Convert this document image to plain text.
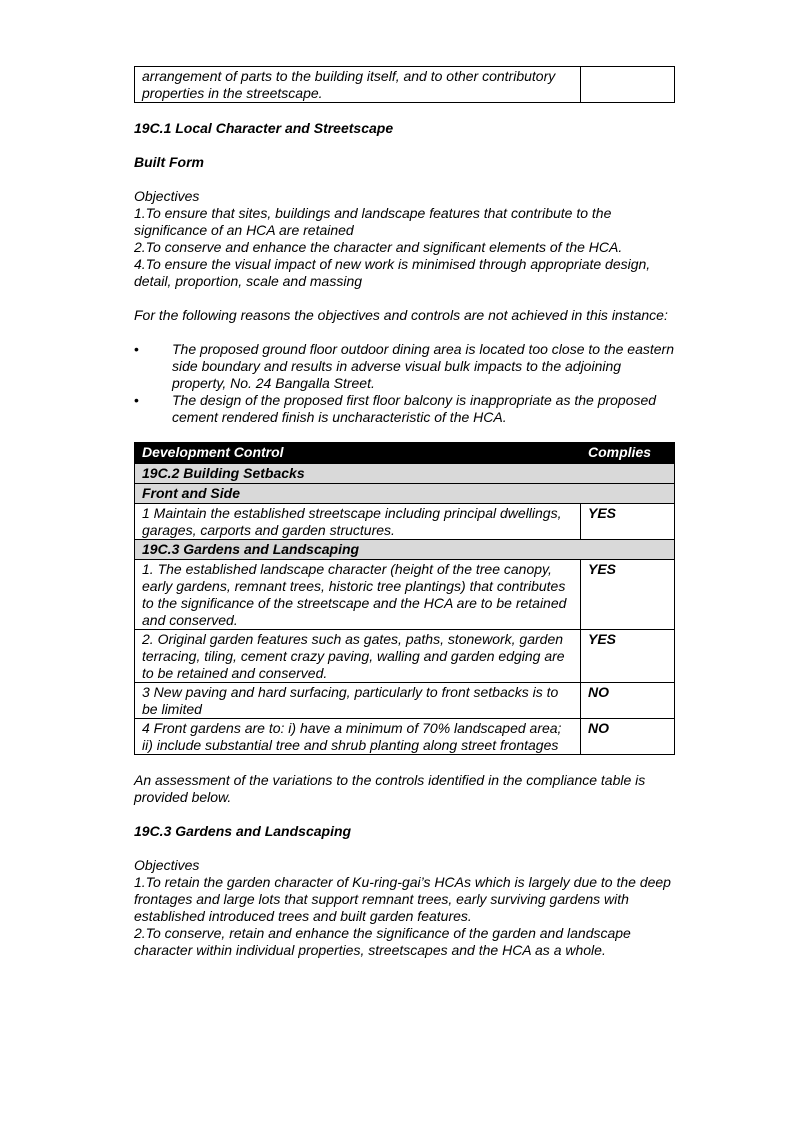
arrangement of parts to the building itself, and to other contributory properties in the streetscape.	

19C.1 Local Character and Streetscape

Built Form

Objectives

1.To ensure that sites, buildings and landscape features that contribute to the significance of an HCA are retained

2.To conserve and enhance the character and significant elements of the HCA.

4.To ensure the visual impact of new work is minimised through appropriate design, detail, proportion, scale and massing

For the following reasons the objectives and controls are not achieved in this instance:

• The proposed ground floor outdoor dining area is located too close to the eastern side boundary and results in adverse visual bulk impacts to the adjoining property, No. 24 Bangalla Street.
• The design of the proposed first floor balcony is inappropriate as the proposed cement rendered finish is uncharacteristic of the HCA.
Development Control	Complies
19C.2 Building Setbacks	
Front and Side	
1 Maintain the established streetscape including principal dwellings, garages, carports and garden structures.	YES
19C.3 Gardens and Landscaping	
1. The established landscape character (height of the tree canopy, early gardens, remnant trees, historic tree plantings) that contributes to the significance of the streetscape and the HCA are to be retained and conserved.	YES
2. Original garden features such as gates, paths, stonework, garden terracing, tiling, cement crazy paving, walling and garden edging are to be retained and conserved.	YES
3 New paving and hard surfacing, particularly to front setbacks is to be limited	NO
4 Front gardens are to: i) have a minimum of 70% landscaped area; ii) include substantial tree and shrub planting along street frontages	NO

An assessment of the variations to the controls identified in the compliance table is provided below.

19C.3 Gardens and Landscaping

Objectives

1.To retain the garden character of Ku-ring-gai’s HCAs which is largely due to the deep frontages and large lots that support remnant trees, early surviving gardens with established introduced trees and built garden features.

2.To conserve, retain and enhance the significance of the garden and landscape character within individual properties, streetscapes and the HCA as a whole.
